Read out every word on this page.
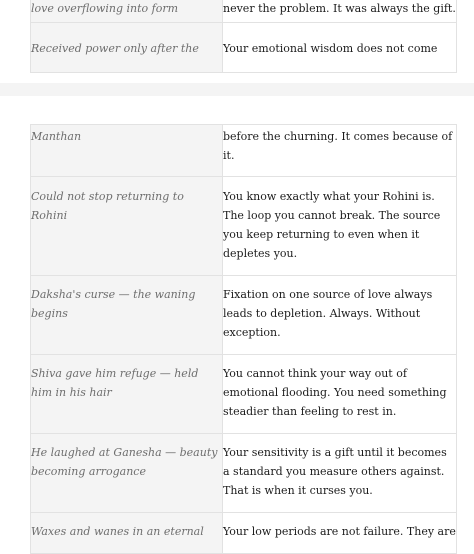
love overflowing into form	never the problem. It was always the gift.

Received power only after the	Your emotional wisdom does not come
Manthan	before the churning. It comes because of it.

Could not stop returning to Rohini	You know exactly what your Rohini is. The loop you cannot break. The source you keep returning to even when it depletes you.

Daksha's curse — the waning begins	Fixation on one source of love always leads to depletion. Always. Without exception.

Shiva gave him refuge — held him in his hair	You cannot think your way out of emotional flooding. You need something steadier than feeling to rest in.

He laughed at Ganesha — beauty becoming arrogance	Your sensitivity is a gift until it becomes a standard you measure others against. That is when it curses you.

Waxes and wanes in an eternal	Your low periods are not failure. They are
